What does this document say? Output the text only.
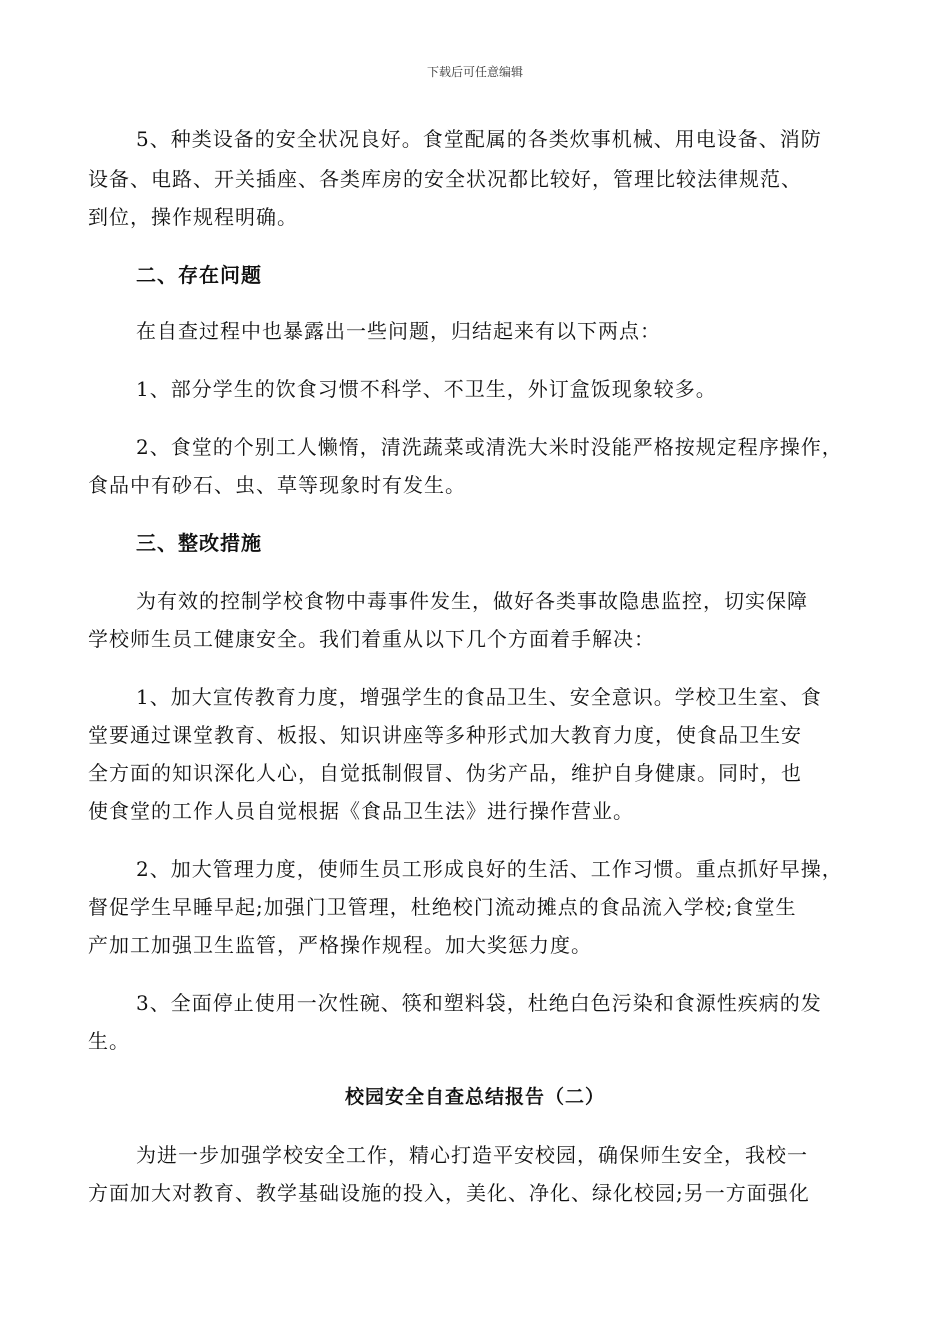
下载后可任意编辑
5、种类设备的安全状况良好。食堂配属的各类炊事机械、用电设备、消防
设备、电路、开关插座、各类库房的安全状况都比较好，管理比较法律规范、
到位，操作规程明确。
二、存在问题
在自查过程中也暴露出一些问题，归结起来有以下两点：
1、部分学生的饮食习惯不科学、不卫生，外订盒饭现象较多。
2、食堂的个别工人懒惰，清洗蔬菜或清洗大米时没能严格按规定程序操作，
食品中有砂石、虫、草等现象时有发生。
三、整改措施
为有效的控制学校食物中毒事件发生，做好各类事故隐患监控，切实保障
学校师生员工健康安全。我们着重从以下几个方面着手解决：
1、加大宣传教育力度，增强学生的食品卫生、安全意识。学校卫生室、食
堂要通过课堂教育、板报、知识讲座等多种形式加大教育力度，使食品卫生安
全方面的知识深化人心，自觉抵制假冒、伪劣产品，维护自身健康。同时，也
使食堂的工作人员自觉根据《食品卫生法》进行操作营业。
2、加大管理力度，使师生员工形成良好的生活、工作习惯。重点抓好早操，
督促学生早睡早起;加强门卫管理，杜绝校门流动摊点的食品流入学校;食堂生
产加工加强卫生监管，严格操作规程。加大奖惩力度。
3、全面停止使用一次性碗、筷和塑料袋，杜绝白色污染和食源性疾病的发
生。
校园安全自查总结报告（二）
为进一步加强学校安全工作，精心打造平安校园，确保师生安全，我校一
方面加大对教育、教学基础设施的投入，美化、净化、绿化校园;另一方面强化
